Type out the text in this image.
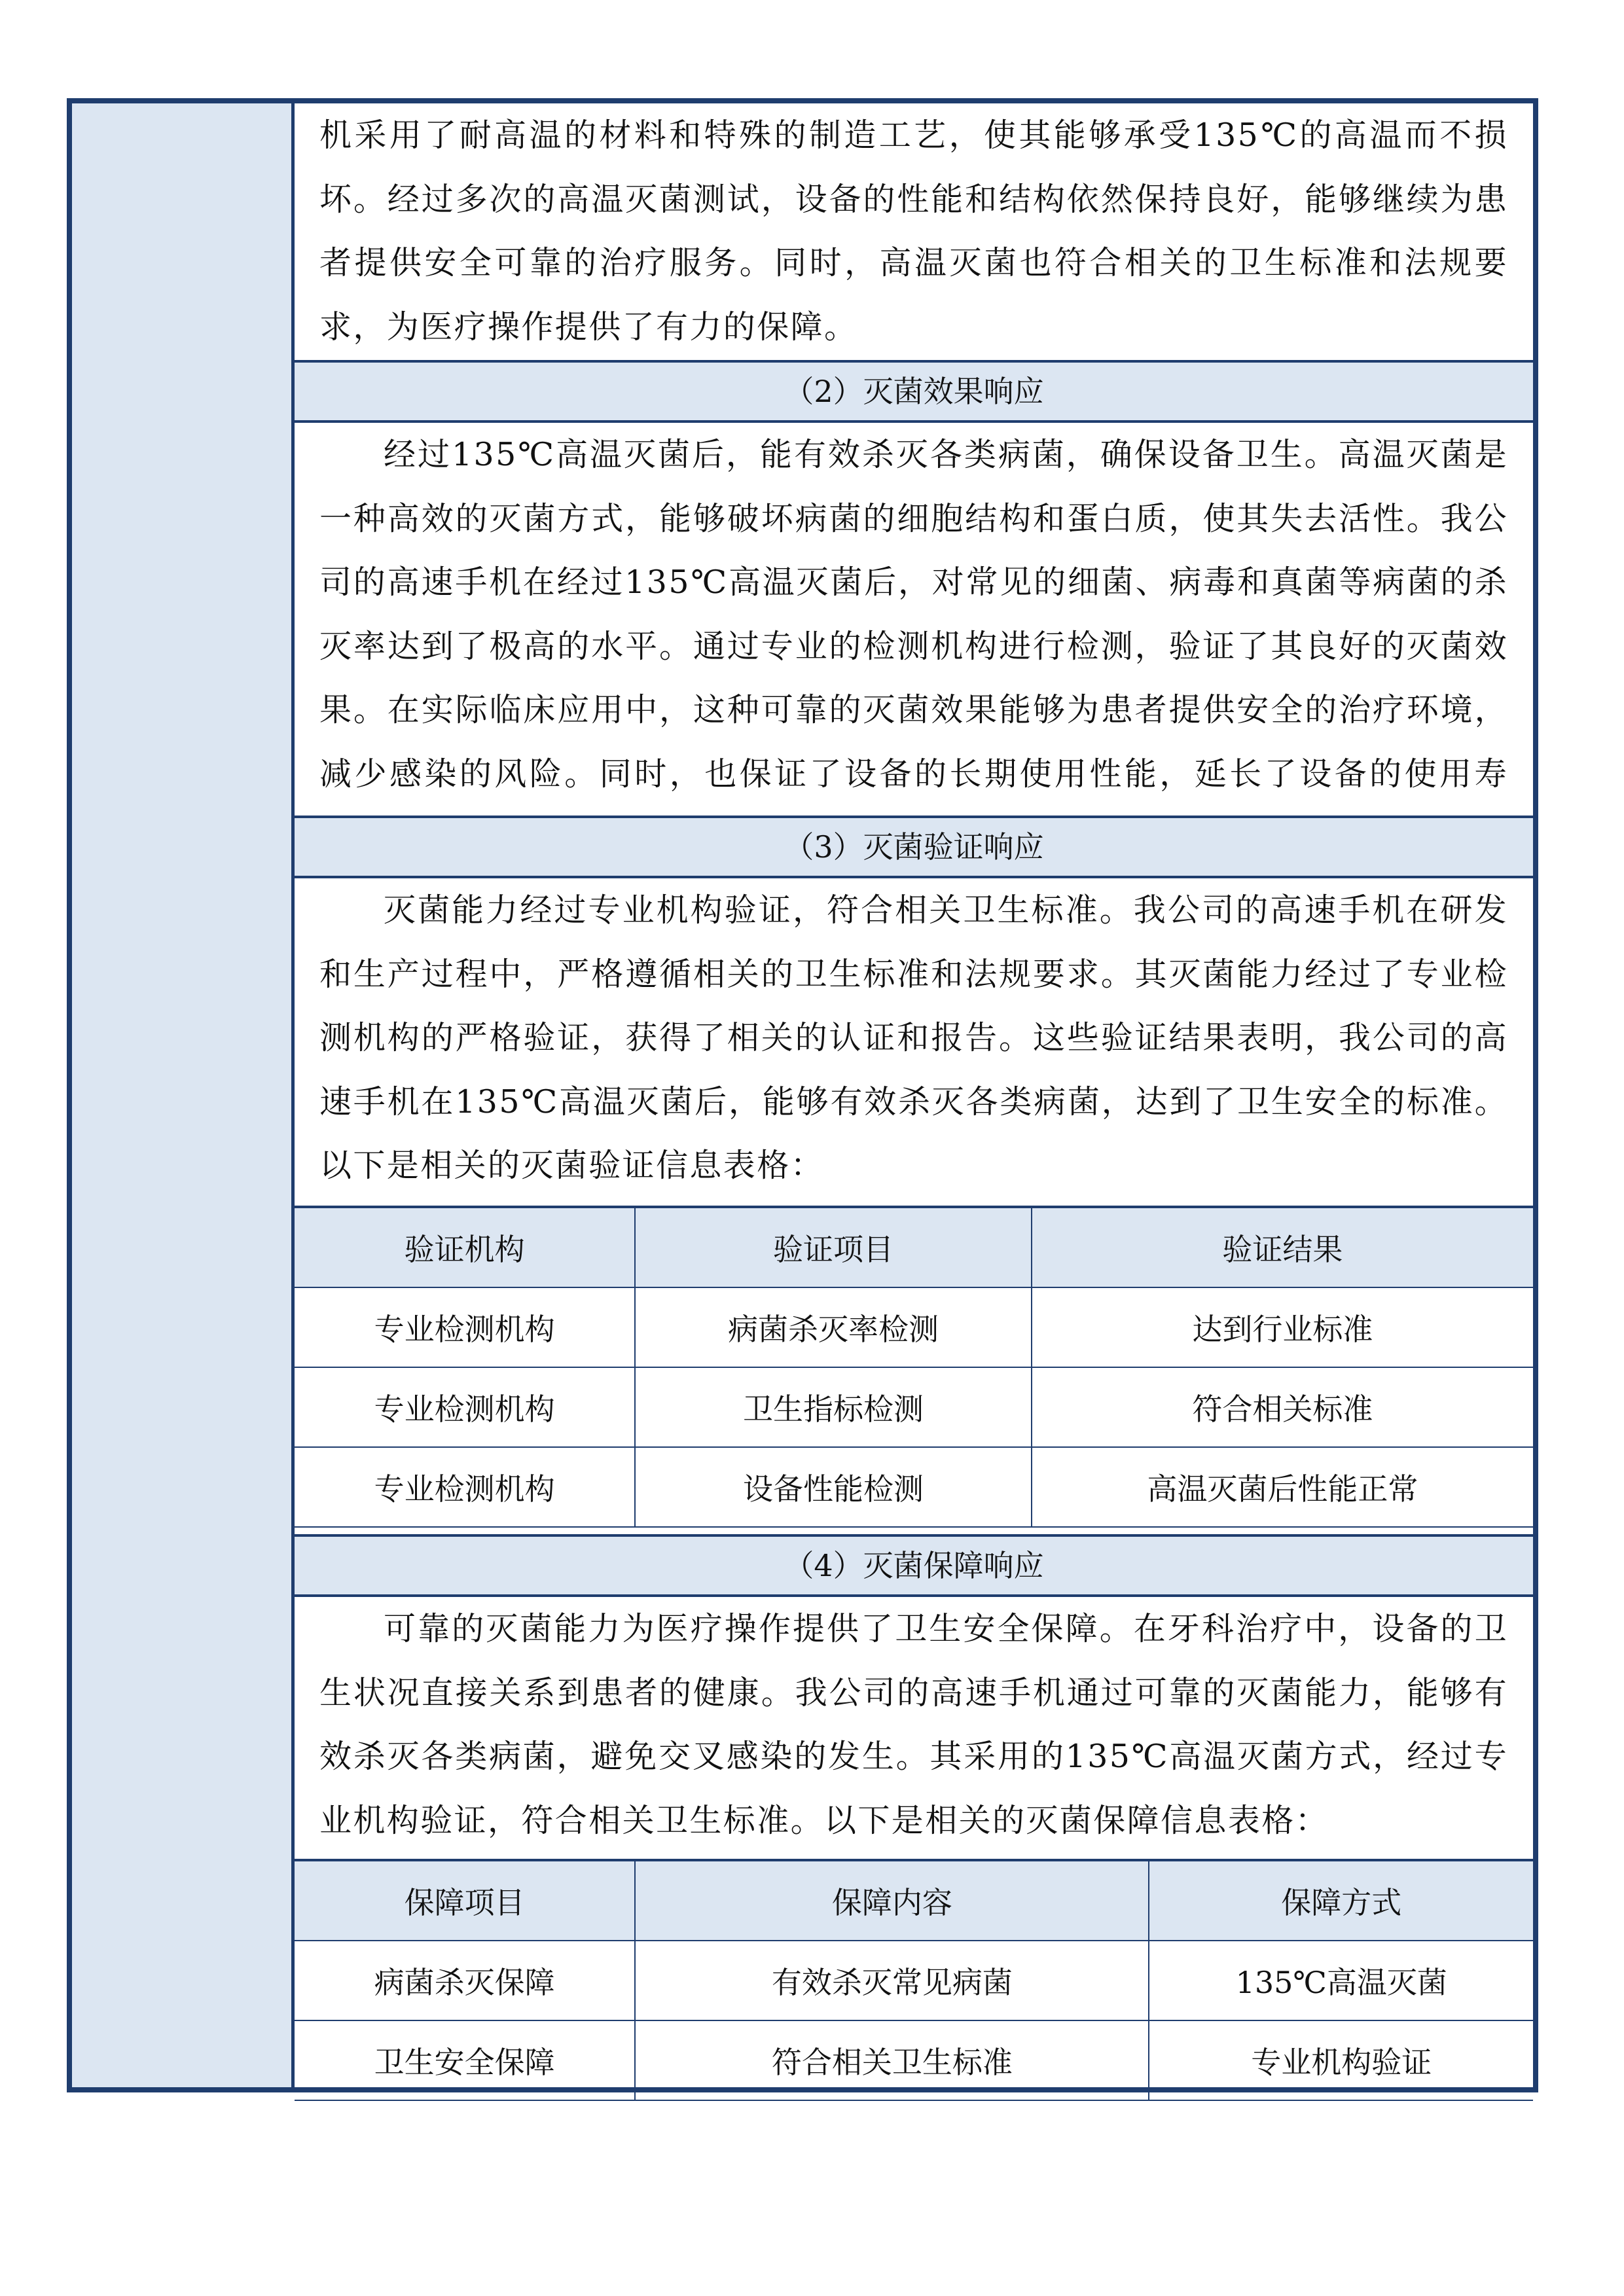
机采用了耐高温的材料和特殊的制造工艺，使其能够承受135℃的高温而不损坏。经过多次的高温灭菌测试，设备的性能和结构依然保持良好，能够继续为患者提供安全可靠的治疗服务。同时，高温灭菌也符合相关的卫生标准和法规要求，为医疗操作提供了有力的保障。

（2）灭菌效果响应

经过135℃高温灭菌后，能有效杀灭各类病菌，确保设备卫生。高温灭菌是一种高效的灭菌方式，能够破坏病菌的细胞结构和蛋白质，使其失去活性。我公司的高速手机在经过135℃高温灭菌后，对常见的细菌、病毒和真菌等病菌的杀灭率达到了极高的水平。通过专业的检测机构进行检测，验证了其良好的灭菌效果。在实际临床应用中，这种可靠的灭菌效果能够为患者提供安全的治疗环境，减少感染的风险。同时，也保证了设备的长期使用性能，延长了设备的使用寿

（3）灭菌验证响应

灭菌能力经过专业机构验证，符合相关卫生标准。我公司的高速手机在研发和生产过程中，严格遵循相关的卫生标准和法规要求。其灭菌能力经过了专业检测机构的严格验证，获得了相关的认证和报告。这些验证结果表明，我公司的高速手机在135℃高温灭菌后，能够有效杀灭各类病菌，达到了卫生安全的标准。以下是相关的灭菌验证信息表格：

验证机构	验证项目	验证结果
专业检测机构	病菌杀灭率检测	达到行业标准
专业检测机构	卫生指标检测	符合相关标准
专业检测机构	设备性能检测	高温灭菌后性能正常
（4）灭菌保障响应

可靠的灭菌能力为医疗操作提供了卫生安全保障。在牙科治疗中，设备的卫生状况直接关系到患者的健康。我公司的高速手机通过可靠的灭菌能力，能够有效杀灭各类病菌，避免交叉感染的发生。其采用的135℃高温灭菌方式，经过专业机构验证，符合相关卫生标准。以下是相关的灭菌保障信息表格：

保障项目	保障内容	保障方式
病菌杀灭保障	有效杀灭常见病菌	135℃高温灭菌
卫生安全保障	符合相关卫生标准	专业机构验证
